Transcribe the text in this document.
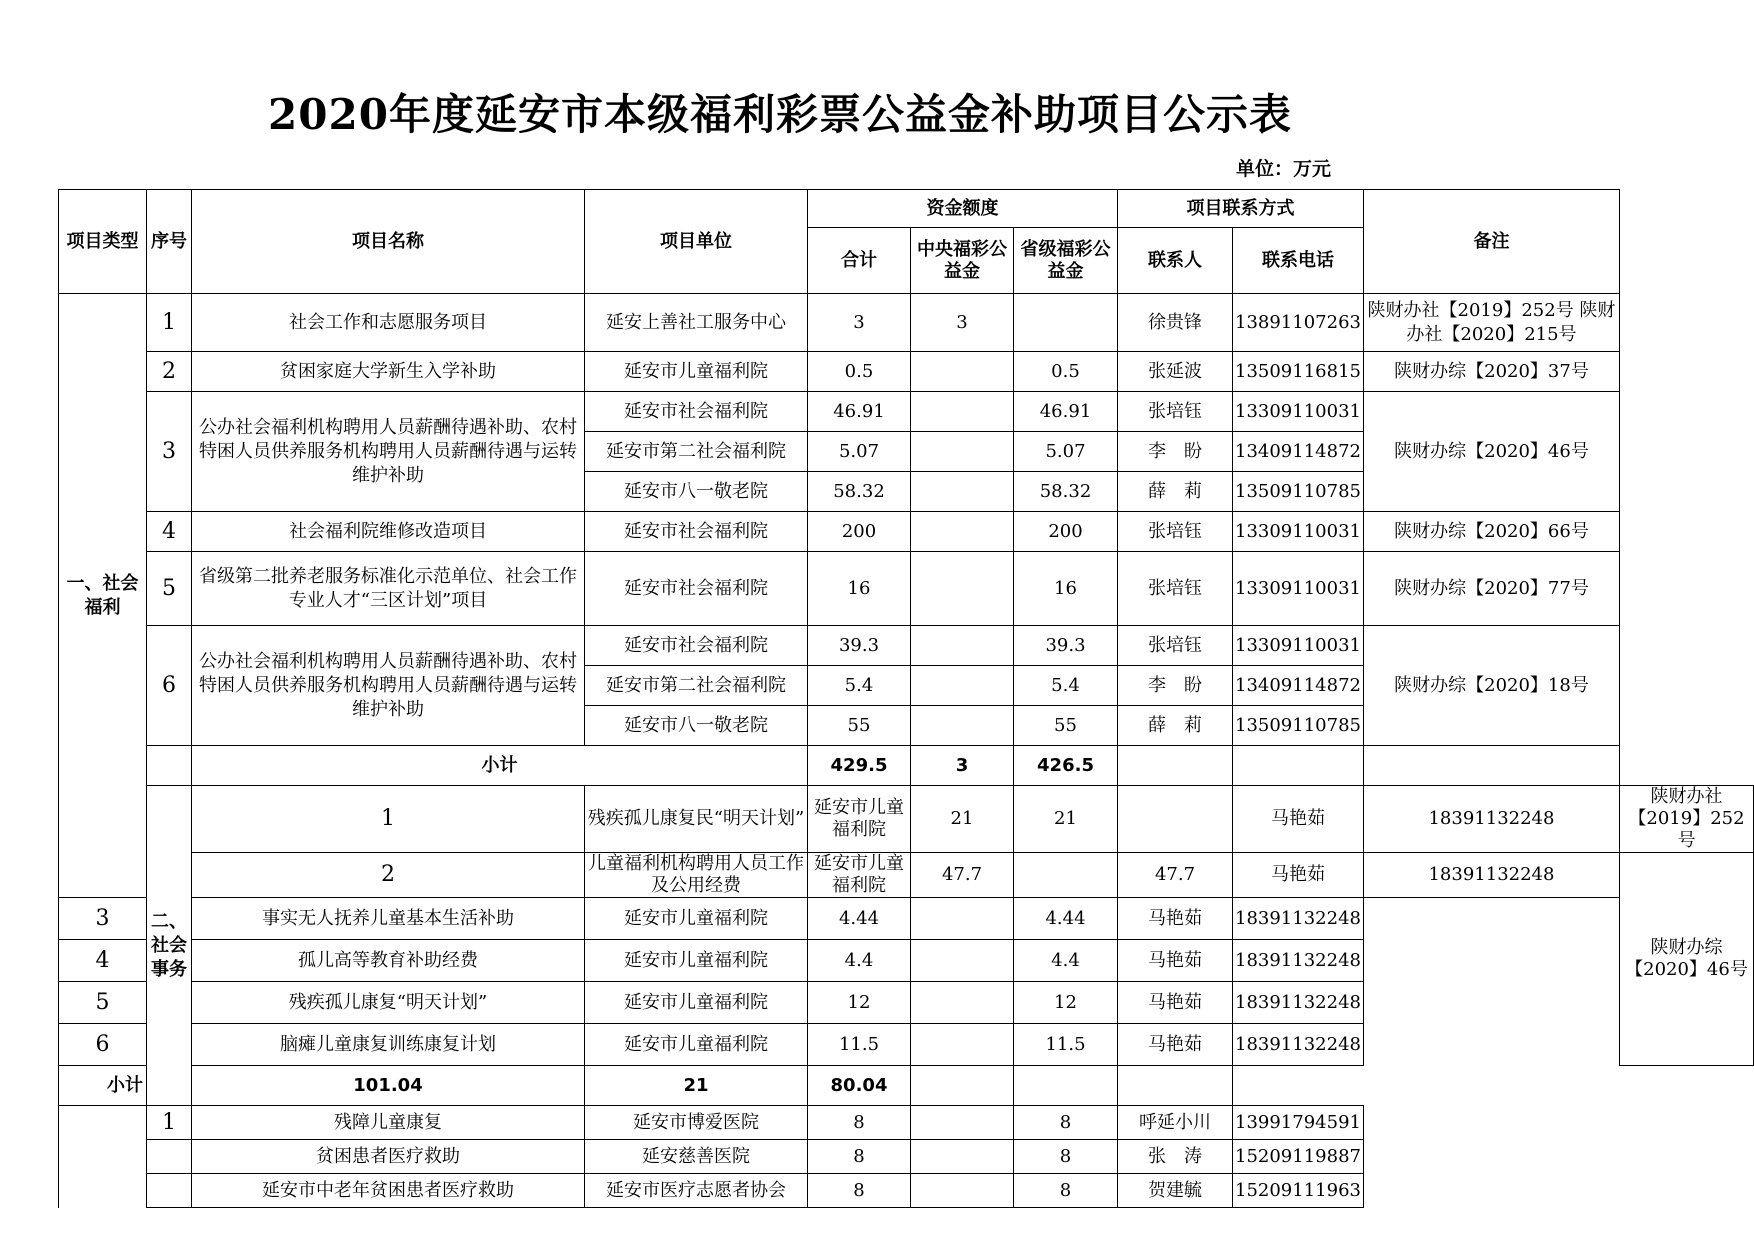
2020年度延安市本级福利彩票公益金补助项目公示表
单位：万元
项目类型	序号	项目名称	项目单位	资金额度			项目联系方式		备注	
				合计	中央福彩公益金	省级福彩公益金	联系人	联系电话		
一、社会福利	1	社会工作和志愿服务项目	延安上善社工服务中心	3	3		徐贵锋	13891107263	陕财办社【2019】252号 陕财办社【2020】215号	
	2	贫困家庭大学新生入学补助	延安市儿童福利院	0.5		0.5	张延波	13509116815	陕财办综【2020】37号	
	3	公办社会福利机构聘用人员薪酬待遇补助、农村特困人员供养服务机构聘用人员薪酬待遇与运转维护补助	延安市社会福利院	46.91		46.91	张培钰	13309110031	陕财办综【2020】46号	
			延安市第二社会福利院	5.07		5.07	李　盼	13409114872		
			延安市八一敬老院	58.32		58.32	薛　莉	13509110785		
	4	社会福利院维修改造项目	延安市社会福利院	200		200	张培钰	13309110031	陕财办综【2020】66号	
	5	省级第二批养老服务标准化示范单位、社会工作专业人才“三区计划”项目	延安市社会福利院	16		16	张培钰	13309110031	陕财办综【2020】77号	
	6	公办社会福利机构聘用人员薪酬待遇补助、农村特困人员供养服务机构聘用人员薪酬待遇与运转维护补助	延安市社会福利院	39.3		39.3	张培钰	13309110031	陕财办综【2020】18号	
			延安市第二社会福利院	5.4		5.4	李　盼	13409114872		
			延安市八一敬老院	55		55	薛　莉	13509110785		
		小计		429.5	3	426.5				
	二、社会事务	1	残疾孤儿康复民“明天计划”	延安市儿童福利院	21	21		马艳茹	18391132248	陕财办社【2019】252号
		2	儿童福利机构聘用人员工作及公用经费	延安市儿童福利院	47.7		47.7	马艳茹	18391132248	陕财办综【2020】46号
3		事实无人抚养儿童基本生活补助	延安市儿童福利院	4.44		4.44	马艳茹	18391132248		
4		孤儿高等教育补助经费	延安市儿童福利院	4.4		4.4	马艳茹	18391132248		
5		残疾孤儿康复“明天计划”	延安市儿童福利院	12		12	马艳茹	18391132248		
6		脑瘫儿童康复训练康复计划	延安市儿童福利院	11.5		11.5	马艳茹	18391132248		
小计		101.04	21	80.04						
	1	残障儿童康复	延安市博爱医院	8		8	呼延小川	13991794591		
		贫困患者医疗救助	延安慈善医院	8		8	张　涛	15209119887		
		延安市中老年贫困患者医疗救助	延安市医疗志愿者协会	8		8	贺建毓	15209111963		
